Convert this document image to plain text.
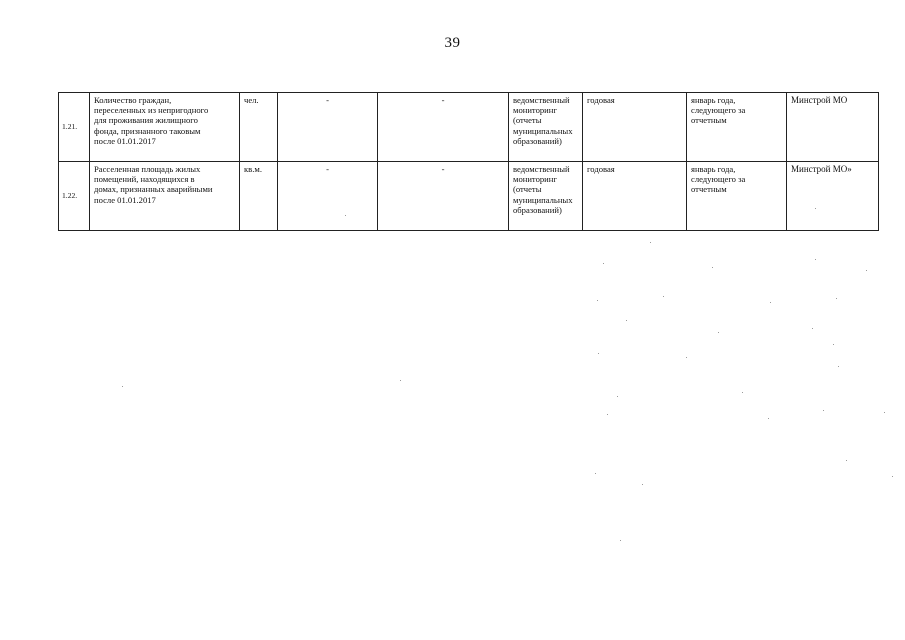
39
1.21.	Количество граждан,
переселенных из непригодного
для проживания жилищного
фонда, признанного таковым
после 01.01.2017	чел.	-	-	ведомственный
мониторинг
(отчеты
муниципальных
образований)	годовая	январь года,
следующего за
отчетным	Минстрой МО
1.22.	Расселенная площадь жилых
помещений, находящихся в
домах, признанных аварийными
после 01.01.2017	кв.м.	-	-	ведомственный
мониторинг
(отчеты
муниципальных
образований)	годовая	январь года,
следующего за
отчетным	Минстрой МО»
